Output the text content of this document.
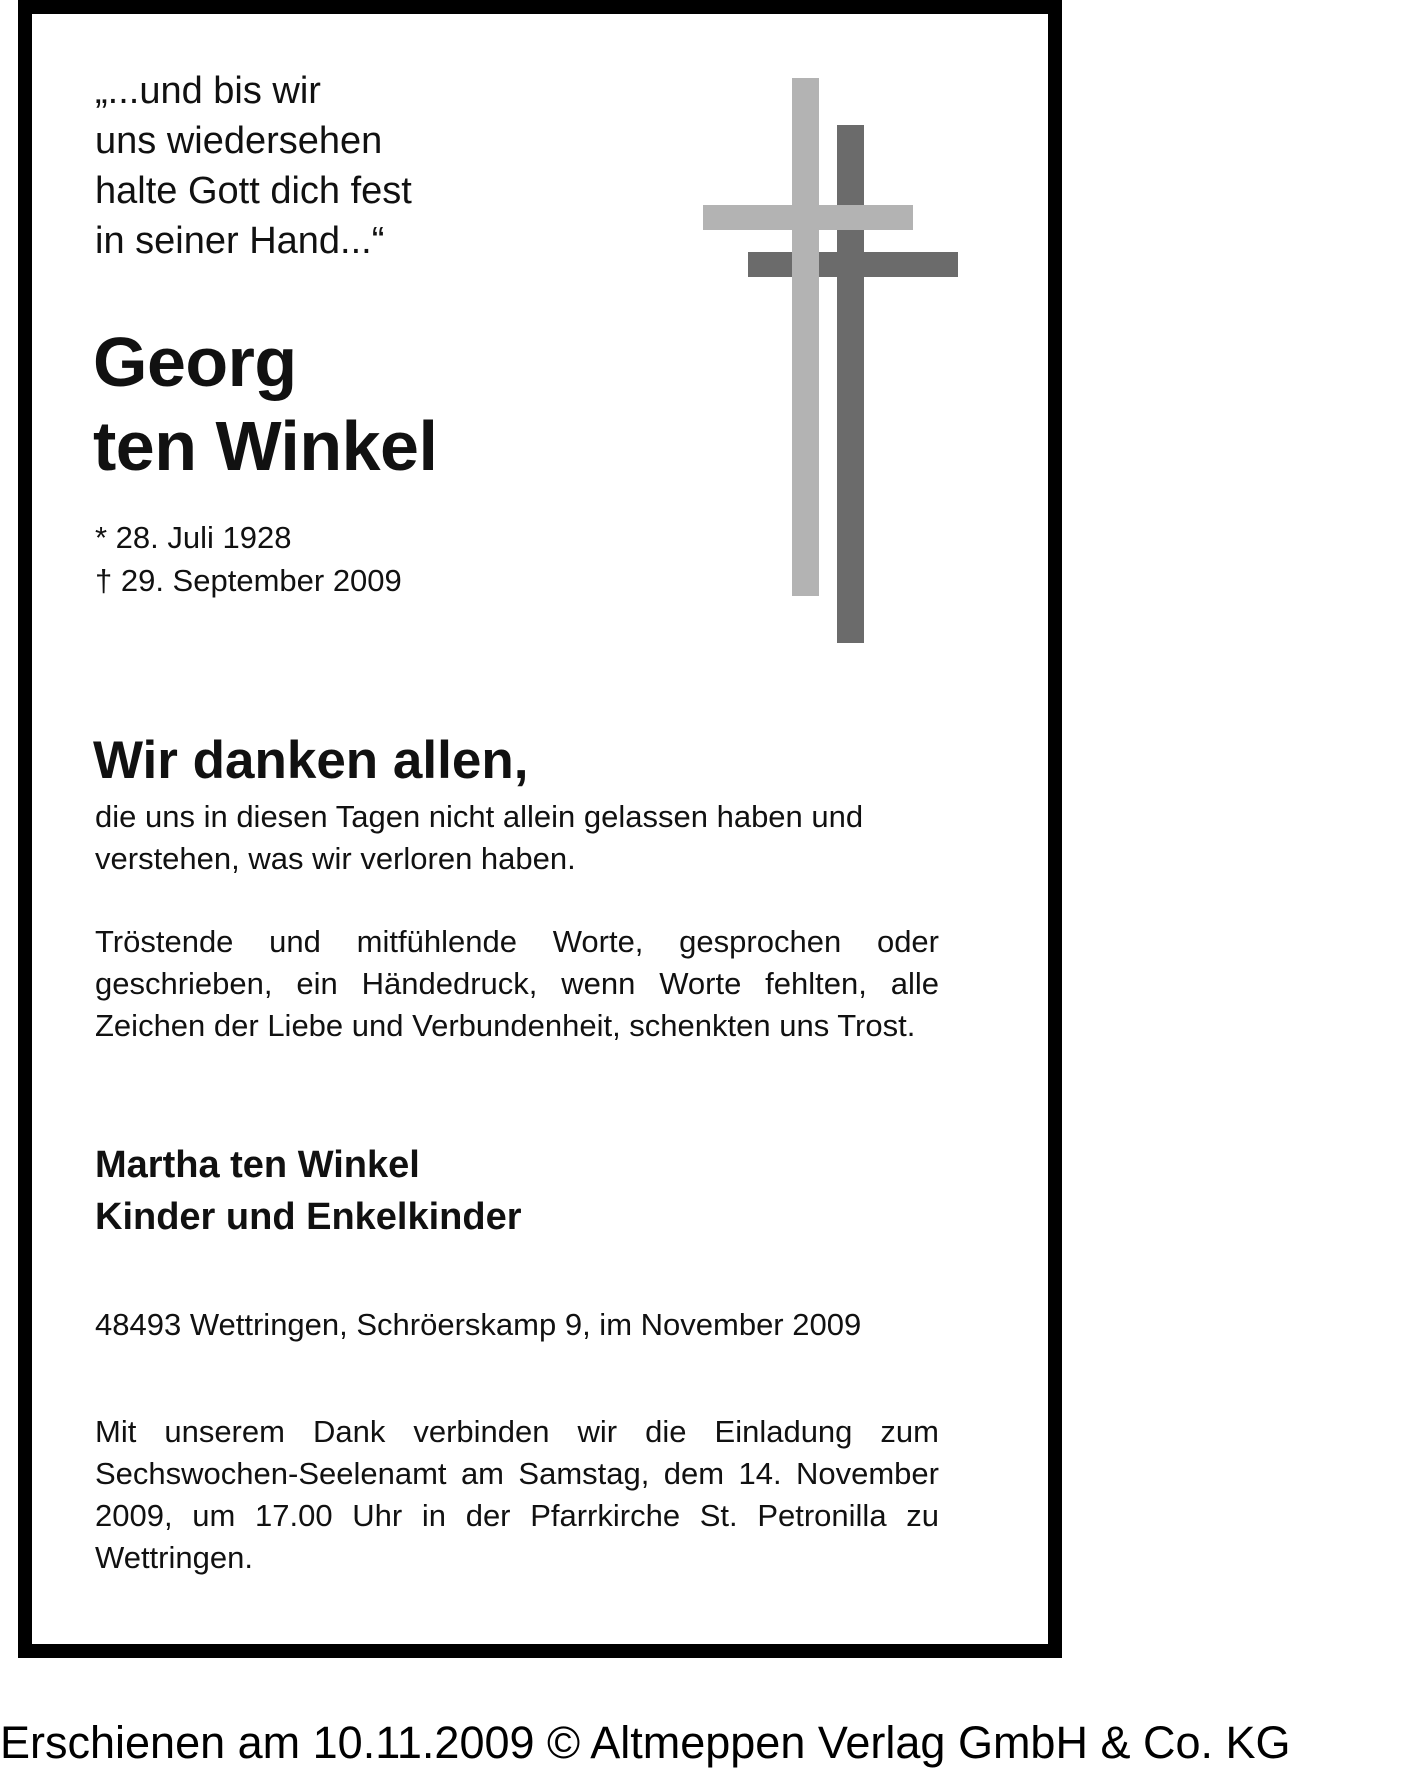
„...und bis wir
uns wiedersehen
halte Gott dich fest
in seiner Hand...“
Georg
ten Winkel
* 28. Juli 1928
† 29. September 2009
Wir danken allen,
die uns in diesen Tagen nicht allein gelassen haben und verstehen, was wir verloren haben.
Tröstende und mitfühlende Worte, gesprochen oder geschrieben, ein Händedruck, wenn Worte fehlten, alle Zeichen der Liebe und Verbundenheit, schenkten uns Trost.
Martha ten Winkel
Kinder und Enkelkinder
48493 Wettringen, Schröerskamp 9, im November 2009
Mit unserem Dank verbinden wir die Einladung zum Sechswochen-Seelenamt am Samstag, dem 14. November 2009, um 17.00 Uhr in der Pfarrkirche St. Petronilla zu Wettringen.
Erschienen am 10.11.2009 © Altmeppen Verlag GmbH & Co. KG
